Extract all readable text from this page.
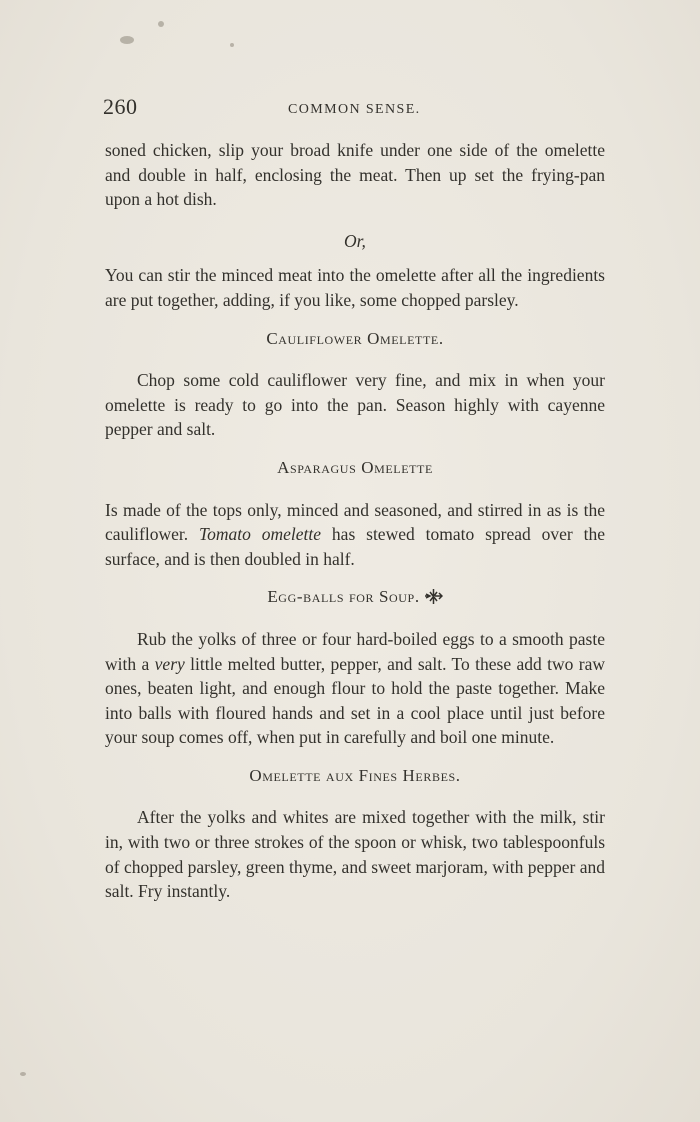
260	COMMON SENSE.

soned chicken, slip your broad knife under one side of the omelette and double in half, enclosing the meat. Then up set the frying-pan upon a hot dish.

Or,

You can stir the minced meat into the omelette after all the ingredients are put together, adding, if you like, some chopped parsley.

Cauliflower Omelette.

Chop some cold cauliflower very fine, and mix in when your omelette is ready to go into the pan. Season highly with cayenne pepper and salt.

Asparagus Omelette

Is made of the tops only, minced and seasoned, and stirred in as is the cauliflower. Tomato omelette has stewed tomato spread over the surface, and is then doubled in half.

Egg-balls for Soup.

Rub the yolks of three or four hard-boiled eggs to a smooth paste with a very little melted butter, pepper, and salt. To these add two raw ones, beaten light, and enough flour to hold the paste together. Make into balls with floured hands and set in a cool place until just before your soup comes off, when put in carefully and boil one minute.

Omelette aux Fines Herbes.

After the yolks and whites are mixed together with the milk, stir in, with two or three strokes of the spoon or whisk, two tablespoonfuls of chopped parsley, green thyme, and sweet marjoram, with pepper and salt. Fry instantly.
